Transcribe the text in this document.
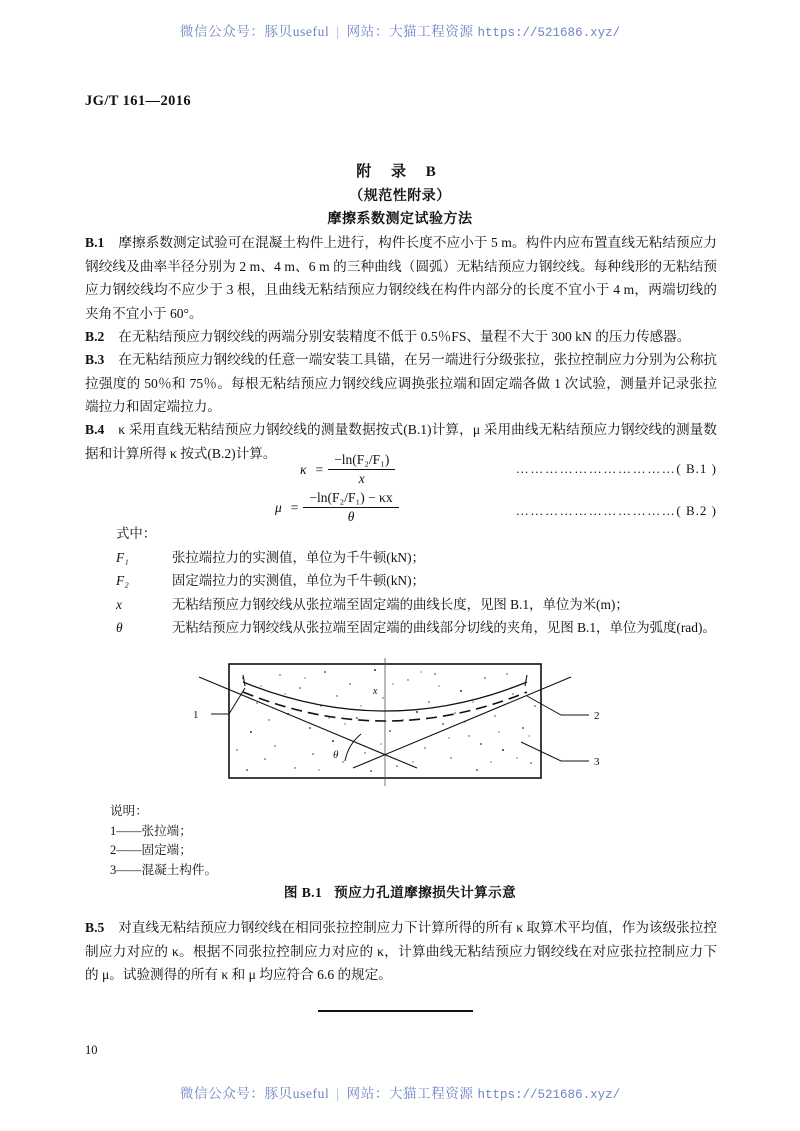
微信公众号：豚贝useful | 网站：大猫工程资源 https://521686.xyz/
JG/T 161—2016
附 录 B
（规范性附录）
摩擦系数测定试验方法
B.1 摩擦系数测定试验可在混凝土构件上进行，构件长度不应小于 5 m。构件内应布置直线无粘结预应力钢绞线及曲率半径分别为 2 m、4 m、6 m 的三种曲线（圆弧）无粘结预应力钢绞线。每种线形的无粘结预应力钢绞线均不应少于 3 根，且曲线无粘结预应力钢绞线在构件内部分的长度不宜小于 4 m，两端切线的夹角不宜小于 60°。
B.2 在无粘结预应力钢绞线的两端分别安装精度不低于 0.5％FS、量程不大于 300 kN 的压力传感器。
B.3 在无粘结预应力钢绞线的任意一端安装工具锚，在另一端进行分级张拉，张拉控制应力分别为公称抗拉强度的 50％和 75％。每根无粘结预应力钢绞线应调换张拉端和固定端各做 1 次试验，测量并记录张拉端拉力和固定端拉力。
B.4 κ 采用直线无粘结预应力钢绞线的测量数据按式(B.1)计算，μ 采用曲线无粘结预应力钢绞线的测量数据和计算所得 κ 按式(B.2)计算。
$\kappa = \frac{\text{−ln(F₂/F₁)}}{x}$	……………………………( B.1 )
$\mu = \frac{\text{−ln(F₂/F₁) − κx}}{\theta}$	……………………………( B.2 )
式中：
F₁	张拉端拉力的实测值，单位为千牛顿(kN)；
F₂	固定端拉力的实测值，单位为千牛顿(kN)；
x	无粘结预应力钢绞线从张拉端至固定端的曲线长度，见图 B.1，单位为米(m)；
θ	无粘结预应力钢绞线从张拉端至固定端的曲线部分切线的夹角，见图 B.1，单位为弧度(rad)。
1	2
3
θ
x
说明：
1——张拉端；
2——固定端；
3——混凝土构件。
图 B.1 预应力孔道摩擦损失计算示意
B.5 对直线无粘结预应力钢绞线在相同张拉控制应力下计算所得的所有 κ 取算术平均值，作为该级张拉控制应力对应的 κ。根据不同张拉控制应力对应的 κ，计算曲线无粘结预应力钢绞线在对应张拉控制应力下的 μ。试验测得的所有 κ 和 μ 均应符合 6.6 的规定。
10
微信公众号：豚贝useful | 网站：大猫工程资源 https://521686.xyz/
